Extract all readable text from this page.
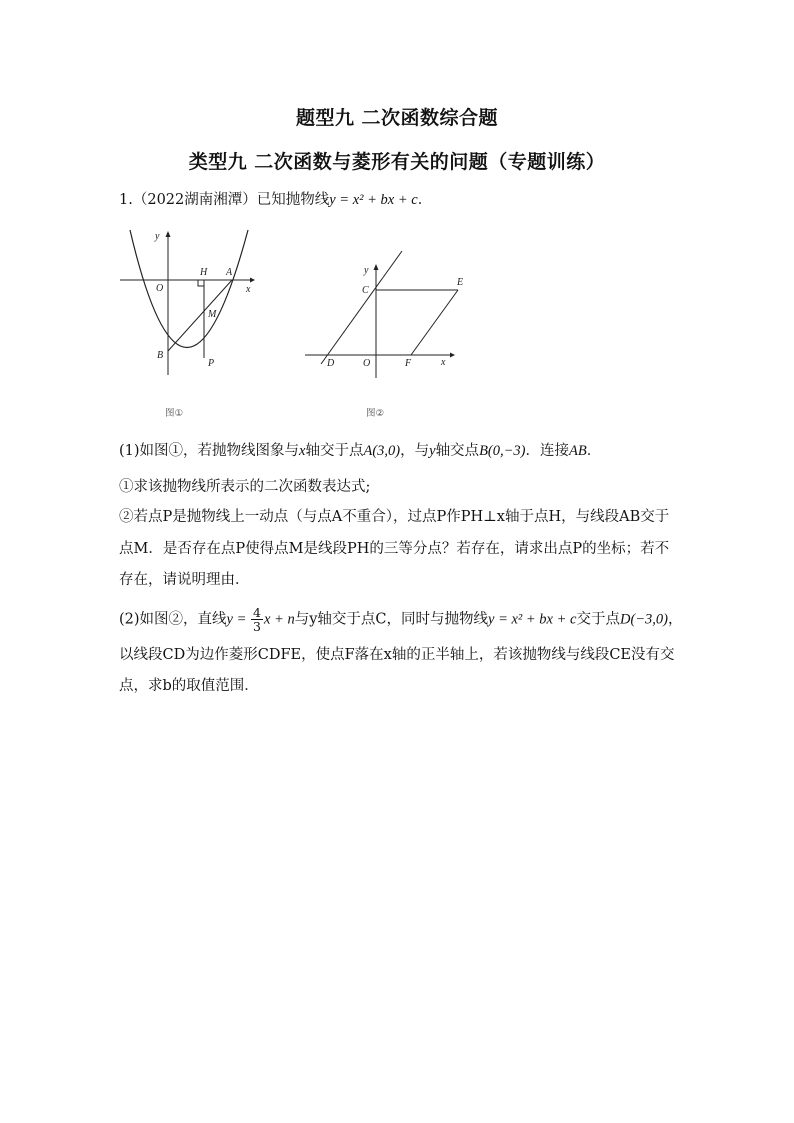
题型九 二次函数综合题
类型九 二次函数与菱形有关的问题（专题训练）
1.（2022湖南湘潭）已知抛物线y = x² + bx + c．
y
x
O
H A
M
B
P
图①
y
x
C
E
D	O	F
图②
(1)如图①，若抛物线图象与x轴交于点A(3,0)，与y轴交点B(0,−3)．连接AB．
①求该抛物线所表示的二次函数表达式;
②若点P是抛物线上一动点（与点A不重合），过点P作PH⊥x轴于点H，与线段AB交于
点M．是否存在点P使得点M是线段PH的三等分点？若存在，请求出点P的坐标；若不
存在，请说明理由．
(2)如图②，直线$y = \frac{4}{3}$ x + n与y轴交于点C，同时与抛物线y = x² + bx + c交于点D(−3,0)，
以线段CD为边作菱形CDFE，使点F落在x轴的正半轴上，若该抛物线与线段CE没有交
点，求b的取值范围．
